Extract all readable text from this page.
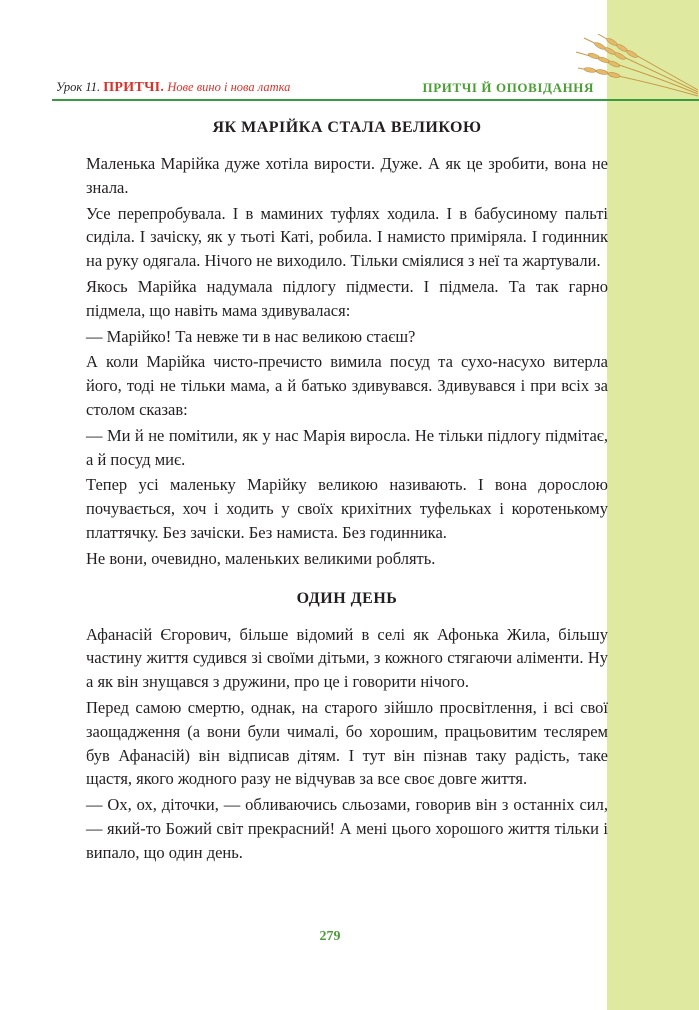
Урок 11. ПРИТЧІ. Нове вино і нова латка	ПРИТЧІ Й ОПОВІДАННЯ
ЯК МАРІЙКА СТАЛА ВЕЛИКОЮ

Маленька Марійка дуже хотіла вирости. Дуже. А як це зробити, вона не знала.

Усе перепробувала. І в маминих туфлях ходила. І в бабусиному пальті сиділа. І зачіску, як у тьоті Каті, робила. І намисто приміряла. І годинник на руку одягала. Нічого не виходило. Тільки сміялися з неї та жартували.

Якось Марійка надумала підлогу підмести. І підмела. Та так гарно підмела, що навіть мама здивувалася:

— Марійко! Та невже ти в нас великою стаєш?

А коли Марійка чисто-пречисто вимила посуд та сухо-насухо витерла його, тоді не тільки мама, а й батько здивувався. Здивувався і при всіх за столом сказав:

— Ми й не помітили, як у нас Марія виросла. Не тільки підлогу підмітає, а й посуд миє.

Тепер усі маленьку Марійку великою називають. І вона дорослою почувається, хоч і ходить у своїх крихітних туфельках і коротенькому платтячку. Без зачіски. Без намиста. Без годинника.

Не вони, очевидно, маленьких великими роблять.

ОДИН ДЕНЬ

Афанасій Єгорович, більше відомий в селі як Афонька Жила, більшу частину життя судився зі своїми дітьми, з кожного стягаючи аліменти. Ну а як він знущався з дружини, про це і говорити нічого.

Перед самою смертю, однак, на старого зійшло просвітлення, і всі свої заощадження (а вони були чималі, бо хорошим, працьовитим теслярем був Афанасій) він відписав дітям. І тут він пізнав таку радість, таке щастя, якого жодного разу не відчував за все своє довге життя.

— Ох, ох, діточки, — обливаючись сльозами, говорив він з останніх сил, — який-то Божий світ прекрасний! А мені цього хорошого життя тільки і випало, що один день.

279
